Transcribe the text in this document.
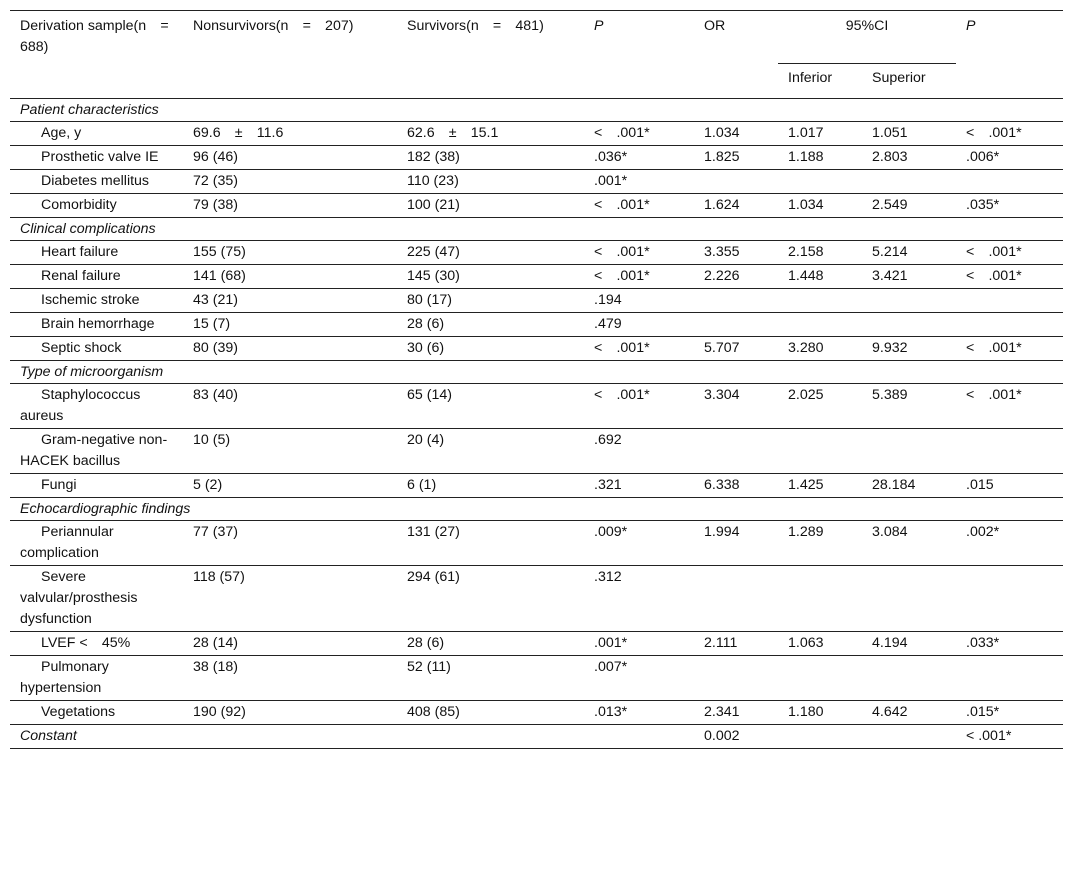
Derivation sample(n = 688)	Nonsurvivors(n = 207)	Survivors(n = 481)	P	OR	95%CI		P
					Inferior	Superior	
Patient characteristics							
Age, y	69.6 ± 11.6	62.6 ± 15.1	< .001*	1.034	1.017	1.051	< .001*
Prosthetic valve IE	96 (46)	182 (38)	.036*	1.825	1.188	2.803	.006*
Diabetes mellitus	72 (35)	110 (23)	.001*				
Comorbidity	79 (38)	100 (21)	< .001*	1.624	1.034	2.549	.035*
Clinical complications							
Heart failure	155 (75)	225 (47)	< .001*	3.355	2.158	5.214	< .001*
Renal failure	141 (68)	145 (30)	< .001*	2.226	1.448	3.421	< .001*
Ischemic stroke	43 (21)	80 (17)	.194				
Brain hemorrhage	15 (7)	28 (6)	.479				
Septic shock	80 (39)	30 (6)	< .001*	5.707	3.280	9.932	< .001*
Type of microorganism							
Staphylococcus aureus	83 (40)	65 (14)	< .001*	3.304	2.025	5.389	< .001*
Gram-negative non-HACEK bacillus	10 (5)	20 (4)	.692				
Fungi	5 (2)	6 (1)	.321	6.338	1.425	28.184	.015
Echocardiographic findings							
Periannular complication	77 (37)	131 (27)	.009*	1.994	1.289	3.084	.002*
Severe valvular/prosthesis dysfunction	118 (57)	294 (61)	.312				
LVEF < 45%	28 (14)	28 (6)	.001*	2.111	1.063	4.194	.033*
Pulmonary hypertension	38 (18)	52 (11)	.007*				
Vegetations	190 (92)	408 (85)	.013*	2.341	1.180	4.642	.015*
Constant				0.002			< .001*
